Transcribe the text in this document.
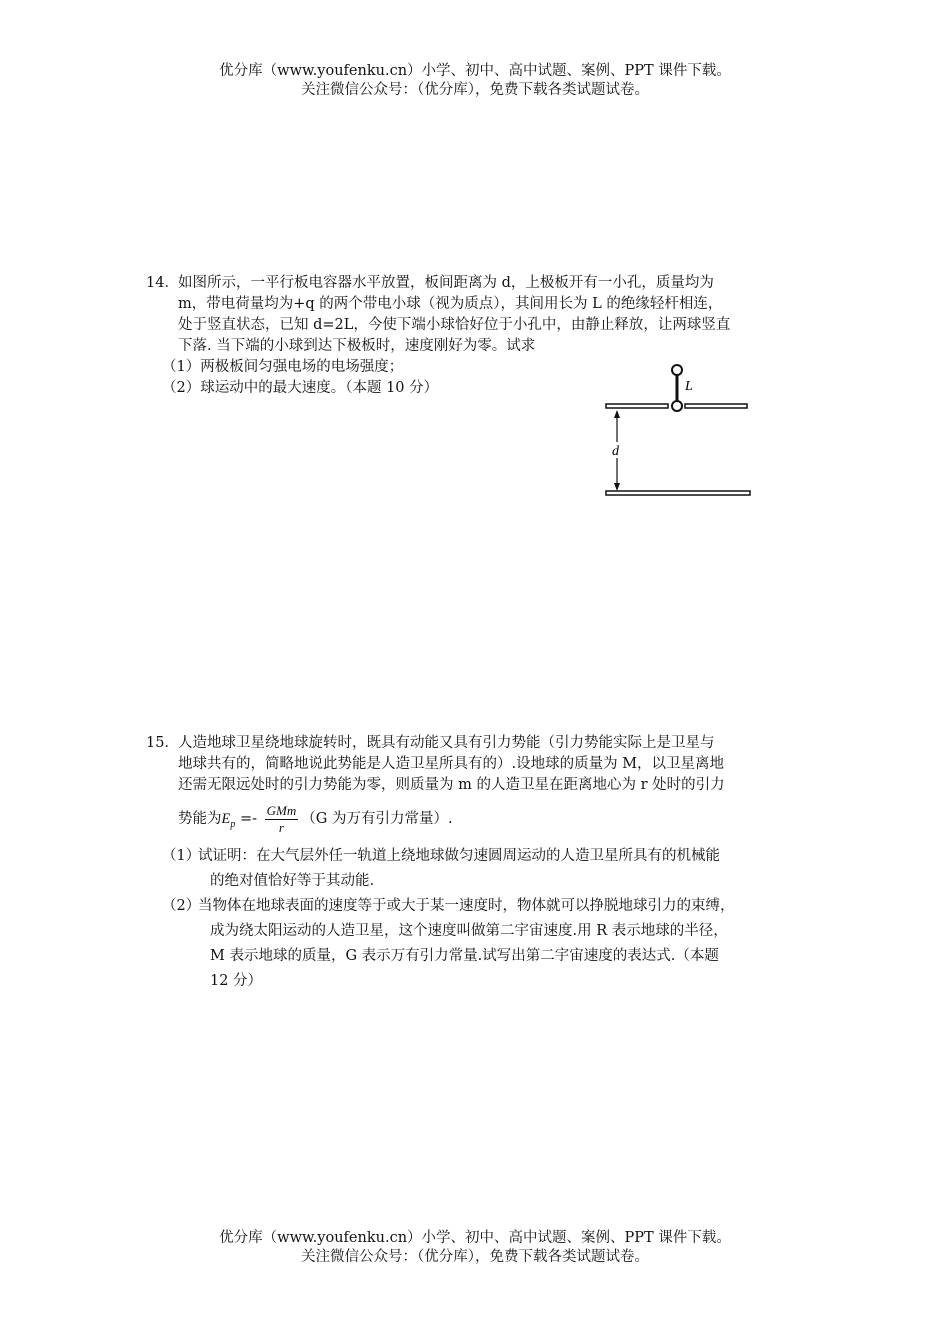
优分库（www.youfenku.cn）小学、初中、高中试题、案例、PPT 课件下载。
关注微信公众号：（优分库），免费下载各类试题试卷。
14．如图所示，一平行板电容器水平放置，板间距离为 d，上极板开有一小孔，质量均为
m，带电荷量均为+q 的两个带电小球（视为质点），其间用长为 L 的绝缘轻杆相连，
处于竖直状态，已知 d=2L，今使下端小球恰好位于小孔中，由静止释放，让两球竖直
下落. 当下端的小球到达下极板时，速度刚好为零。试求
（1）两极板间匀强电场的电场强度；
（2）球运动中的最大速度。（本题 10 分）	L
d
15．人造地球卫星绕地球旋转时，既具有动能又具有引力势能（引力势能实际上是卫星与
地球共有的，简略地说此势能是人造卫星所具有的）.设地球的质量为 M，以卫星离地
还需无限远处时的引力势能为零，则质量为 m 的人造卫星在距离地心为 r 处时的引力
势能为$E_p =- \frac{\text{GMm}}{r} (G$ 为万有引力常量）.
（1）试证明：在大气层外任一轨道上绕地球做匀速圆周运动的人造卫星所具有的机械能
的绝对值恰好等于其动能.
（2）当物体在地球表面的速度等于或大于某一速度时，物体就可以挣脱地球引力的束缚，
成为绕太阳运动的人造卫星，这个速度叫做第二宇宙速度.用 R 表示地球的半径，
M 表示地球的质量，G 表示万有引力常量.试写出第二宇宙速度的表达式.（本题
12 分）
优分库（www.youfenku.cn）小学、初中、高中试题、案例、PPT 课件下载。
关注微信公众号：（优分库），免费下载各类试题试卷。
